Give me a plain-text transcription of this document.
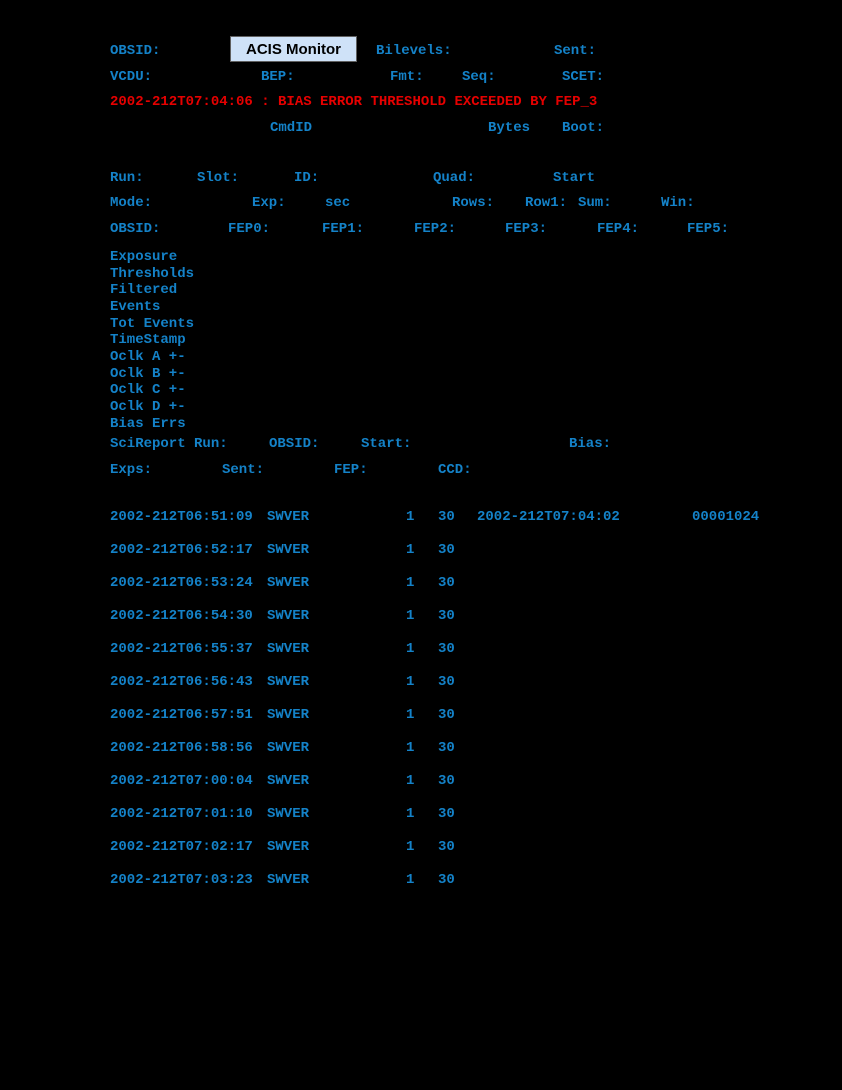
OBSID:	ACIS Monitor	Bilevels:	Sent:
VCDU:	BEP:	Fmt:	Seq:	SCET:
2002-212T07:04:06 : BIAS ERROR THRESHOLD EXCEEDED BY FEP_3
CmdID	Bytes Boot:
Run:	Slot:	ID:	Quad:	Start
Mode:	Exp:	sec	Rows: Row1: Sum:	Win:
OBSID:	FEP0:	FEP1:	FEP2:	FEP3:	FEP4:	FEP5:
Exposure
Thresholds
Filtered
Events
Tot Events
TimeStamp
Oclk A +-
Oclk B +-
Oclk C +-
Oclk D +-
Bias Errs
SciReport Run:	OBSID:	Start:	Bias:
Exps:	Sent:	FEP:	CCD:
2002-212T06:51:09 SWVER	1 30 2002-212T07:04:02	00001024
2002-212T06:52:17 SWVER	1 30
2002-212T06:53:24 SWVER	1 30
2002-212T06:54:30 SWVER	1 30
2002-212T06:55:37 SWVER	1 30
2002-212T06:56:43 SWVER	1 30
2002-212T06:57:51 SWVER	1 30
2002-212T06:58:56 SWVER	1 30
2002-212T07:00:04 SWVER	1 30
2002-212T07:01:10 SWVER	1 30
2002-212T07:02:17 SWVER	1 30
2002-212T07:03:23 SWVER	1 30
